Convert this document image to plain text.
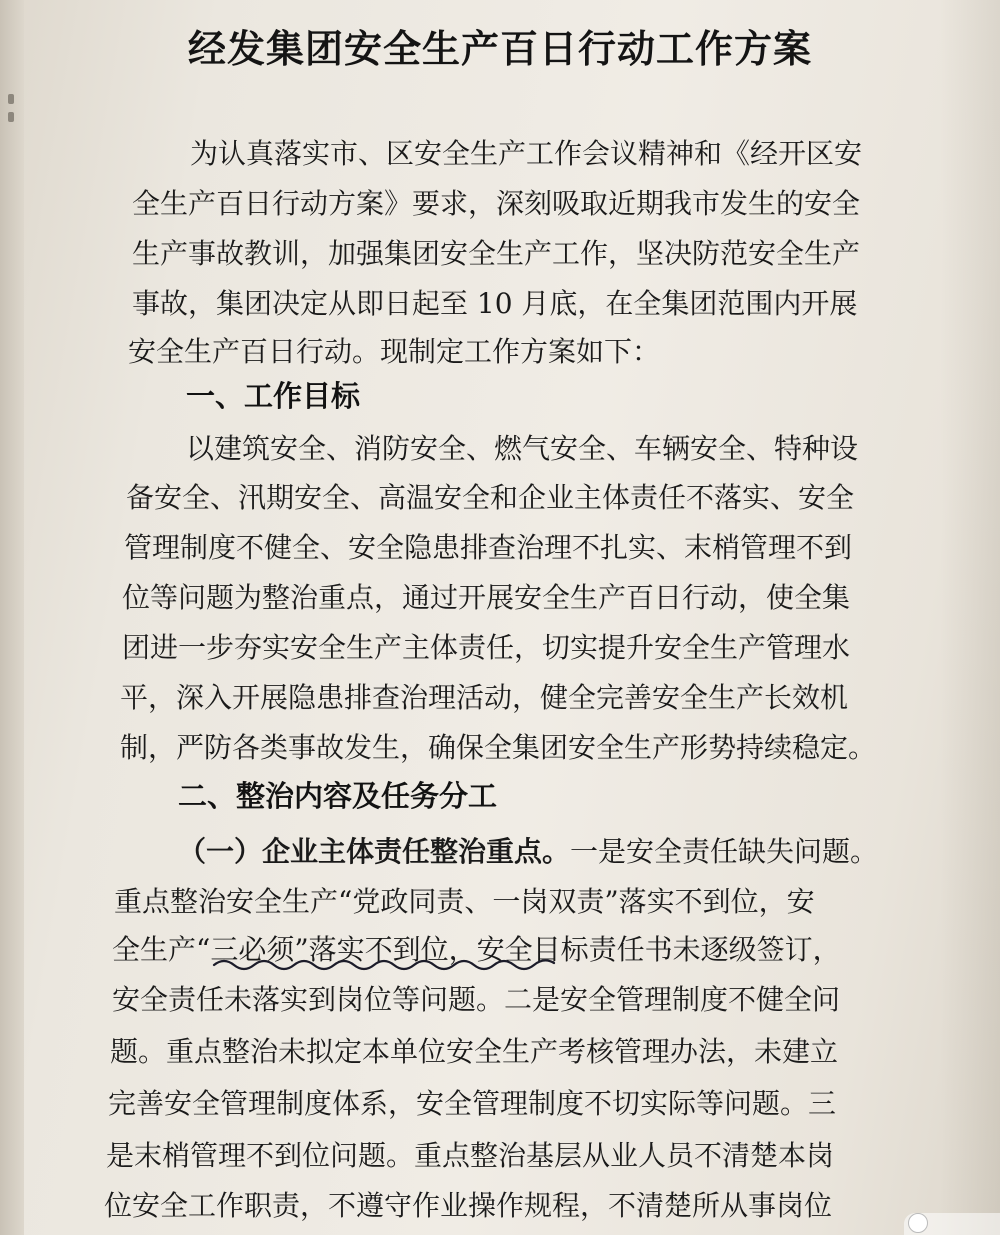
经发集团安全生产百日行动工作方案
为认真落实市、区安全生产工作会议精神和《经开区安
全生产百日行动方案》要求，深刻吸取近期我市发生的安全
生产事故教训，加强集团安全生产工作，坚决防范安全生产
事故，集团决定从即日起至 10 月底，在全集团范围内开展
安全生产百日行动。现制定工作方案如下：
一、工作目标
以建筑安全、消防安全、燃气安全、车辆安全、特种设
备安全、汛期安全、高温安全和企业主体责任不落实、安全
管理制度不健全、安全隐患排查治理不扎实、末梢管理不到
位等问题为整治重点，通过开展安全生产百日行动，使全集
团进一步夯实安全生产主体责任，切实提升安全生产管理水
平，深入开展隐患排查治理活动，健全完善安全生产长效机
制，严防各类事故发生，确保全集团安全生产形势持续稳定。
二、整治内容及任务分工
（一）企业主体责任整治重点。一是安全责任缺失问题。
重点整治安全生产“党政同责、一岗双责”落实不到位，安
全生产“三必须”落实不到位，安全目标责任书未逐级签订，
安全责任未落实到岗位等问题。二是安全管理制度不健全问
题。重点整治未拟定本单位安全生产考核管理办法，未建立
完善安全管理制度体系，安全管理制度不切实际等问题。三
是末梢管理不到位问题。重点整治基层从业人员不清楚本岗
位安全工作职责，不遵守作业操作规程，不清楚所从事岗位
